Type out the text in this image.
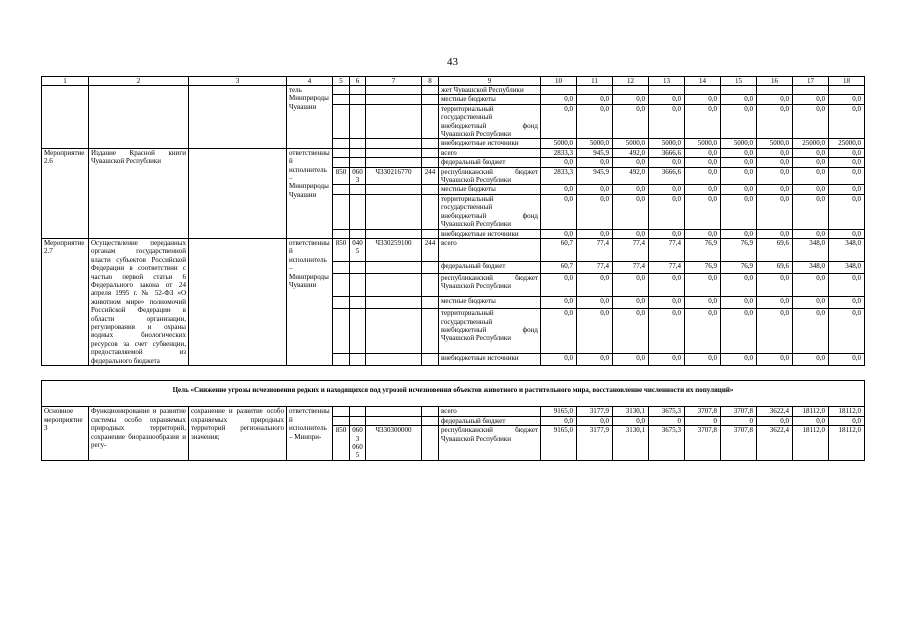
43
1	2	3	4	5	6	7	8	9	10	11	12	13	14	15	16	17	18
			тель Минприроды Чувашии					жет Чувашской Республики									
								местные бюджеты	0,0	0,0	0,0	0,0	0,0	0,0	0,0	0,0	0,0
								территориальный государственный внебюджетный фонд Чувашской Республики	0,0	0,0	0,0	0,0	0,0	0,0	0,0	0,0	0,0
								внебюджетные источники	5000,0	5000,0	5000,0	5000,0	5000,0	5000,0	5000,0	25000,0	25000,0
Мероприятие 2.6	Издание Красной книги Чувашской Республики		ответственный исполнитель – Минприроды Чувашии					всего	2833,3	945,9	492,0	3666,6	0,0	0,0	0,0	0,0	0,0
								федеральный бюджет	0,0	0,0	0,0	0,0	0,0	0,0	0,0	0,0	0,0
				850	0603	Ч330216770	244	республиканский бюджет Чувашской Республики	2833,3	945,9	492,0	3666,6	0,0	0,0	0,0	0,0	0,0
								местные бюджеты	0,0	0,0	0,0	0,0	0,0	0,0	0,0	0,0	0,0
								территориальный государственный внебюджетный фонд Чувашской Республики	0,0	0,0	0,0	0,0	0,0	0,0	0,0	0,0	0,0
								внебюджетные источники	0,0	0,0	0,0	0,0	0,0	0,0	0,0	0,0	0,0
Мероприятие 2.7	Осуществление переданных органам государственной власти субъектов Российской Федерации в соответствии с частью первой статьи 6 Федерального закона от 24 апреля 1995 г. № 52-ФЗ «О животном мире» полномочий Российской Федерации в области организации, регулирования и охраны водных биологических ресурсов за счет субвенции, предоставляемой из федерального бюджета		ответственный исполнитель – Минприроды Чувашии	850	0405	Ч330259100	244	всего	60,7	77,4	77,4	77,4	76,9	76,9	69,6	348,0	348,0
								федеральный бюджет	60,7	77,4	77,4	77,4	76,9	76,9	69,6	348,0	348,0
								республиканский бюджет Чувашской Республики	0,0	0,0	0,0	0,0	0,0	0,0	0,0	0,0	0,0
								местные бюджеты	0,0	0,0	0,0	0,0	0,0	0,0	0,0	0,0	0,0
								территориальный государственный внебюджетный фонд Чувашской Республики	0,0	0,0	0,0	0,0	0,0	0,0	0,0	0,0	0,0
								внебюджетные источники	0,0	0,0	0,0	0,0	0,0	0,0	0,0	0,0	0,0

Цель «Снижение угрозы исчезновения редких и находящихся под угрозой исчезновения объектов животного и растительного мира, восстановление численности их популяций»																	
Основное мероприятие 3	Функционирование и развитие системы особо охраняемых природных территорий, сохранение биоразнообразия и регу-	сохранение и развитие особо охраняемых природных территорий регионального значения;	ответственный исполнитель – Минпри-					всего	9165,0	3177,9	3130,1	3675,3	3707,8	3707,8	3622,4	18112,0	18112,0
								федеральный бюджет	0,0	0,0	0,0	0	0	0	0,0	0,0	0,0
				850	0603 0605	Ч330300000		республиканский бюджет Чувашской Республики	9165,0	3177,9	3130,1	3675,3	3707,8	3707,8	3622,4	18112,0	18112,0
